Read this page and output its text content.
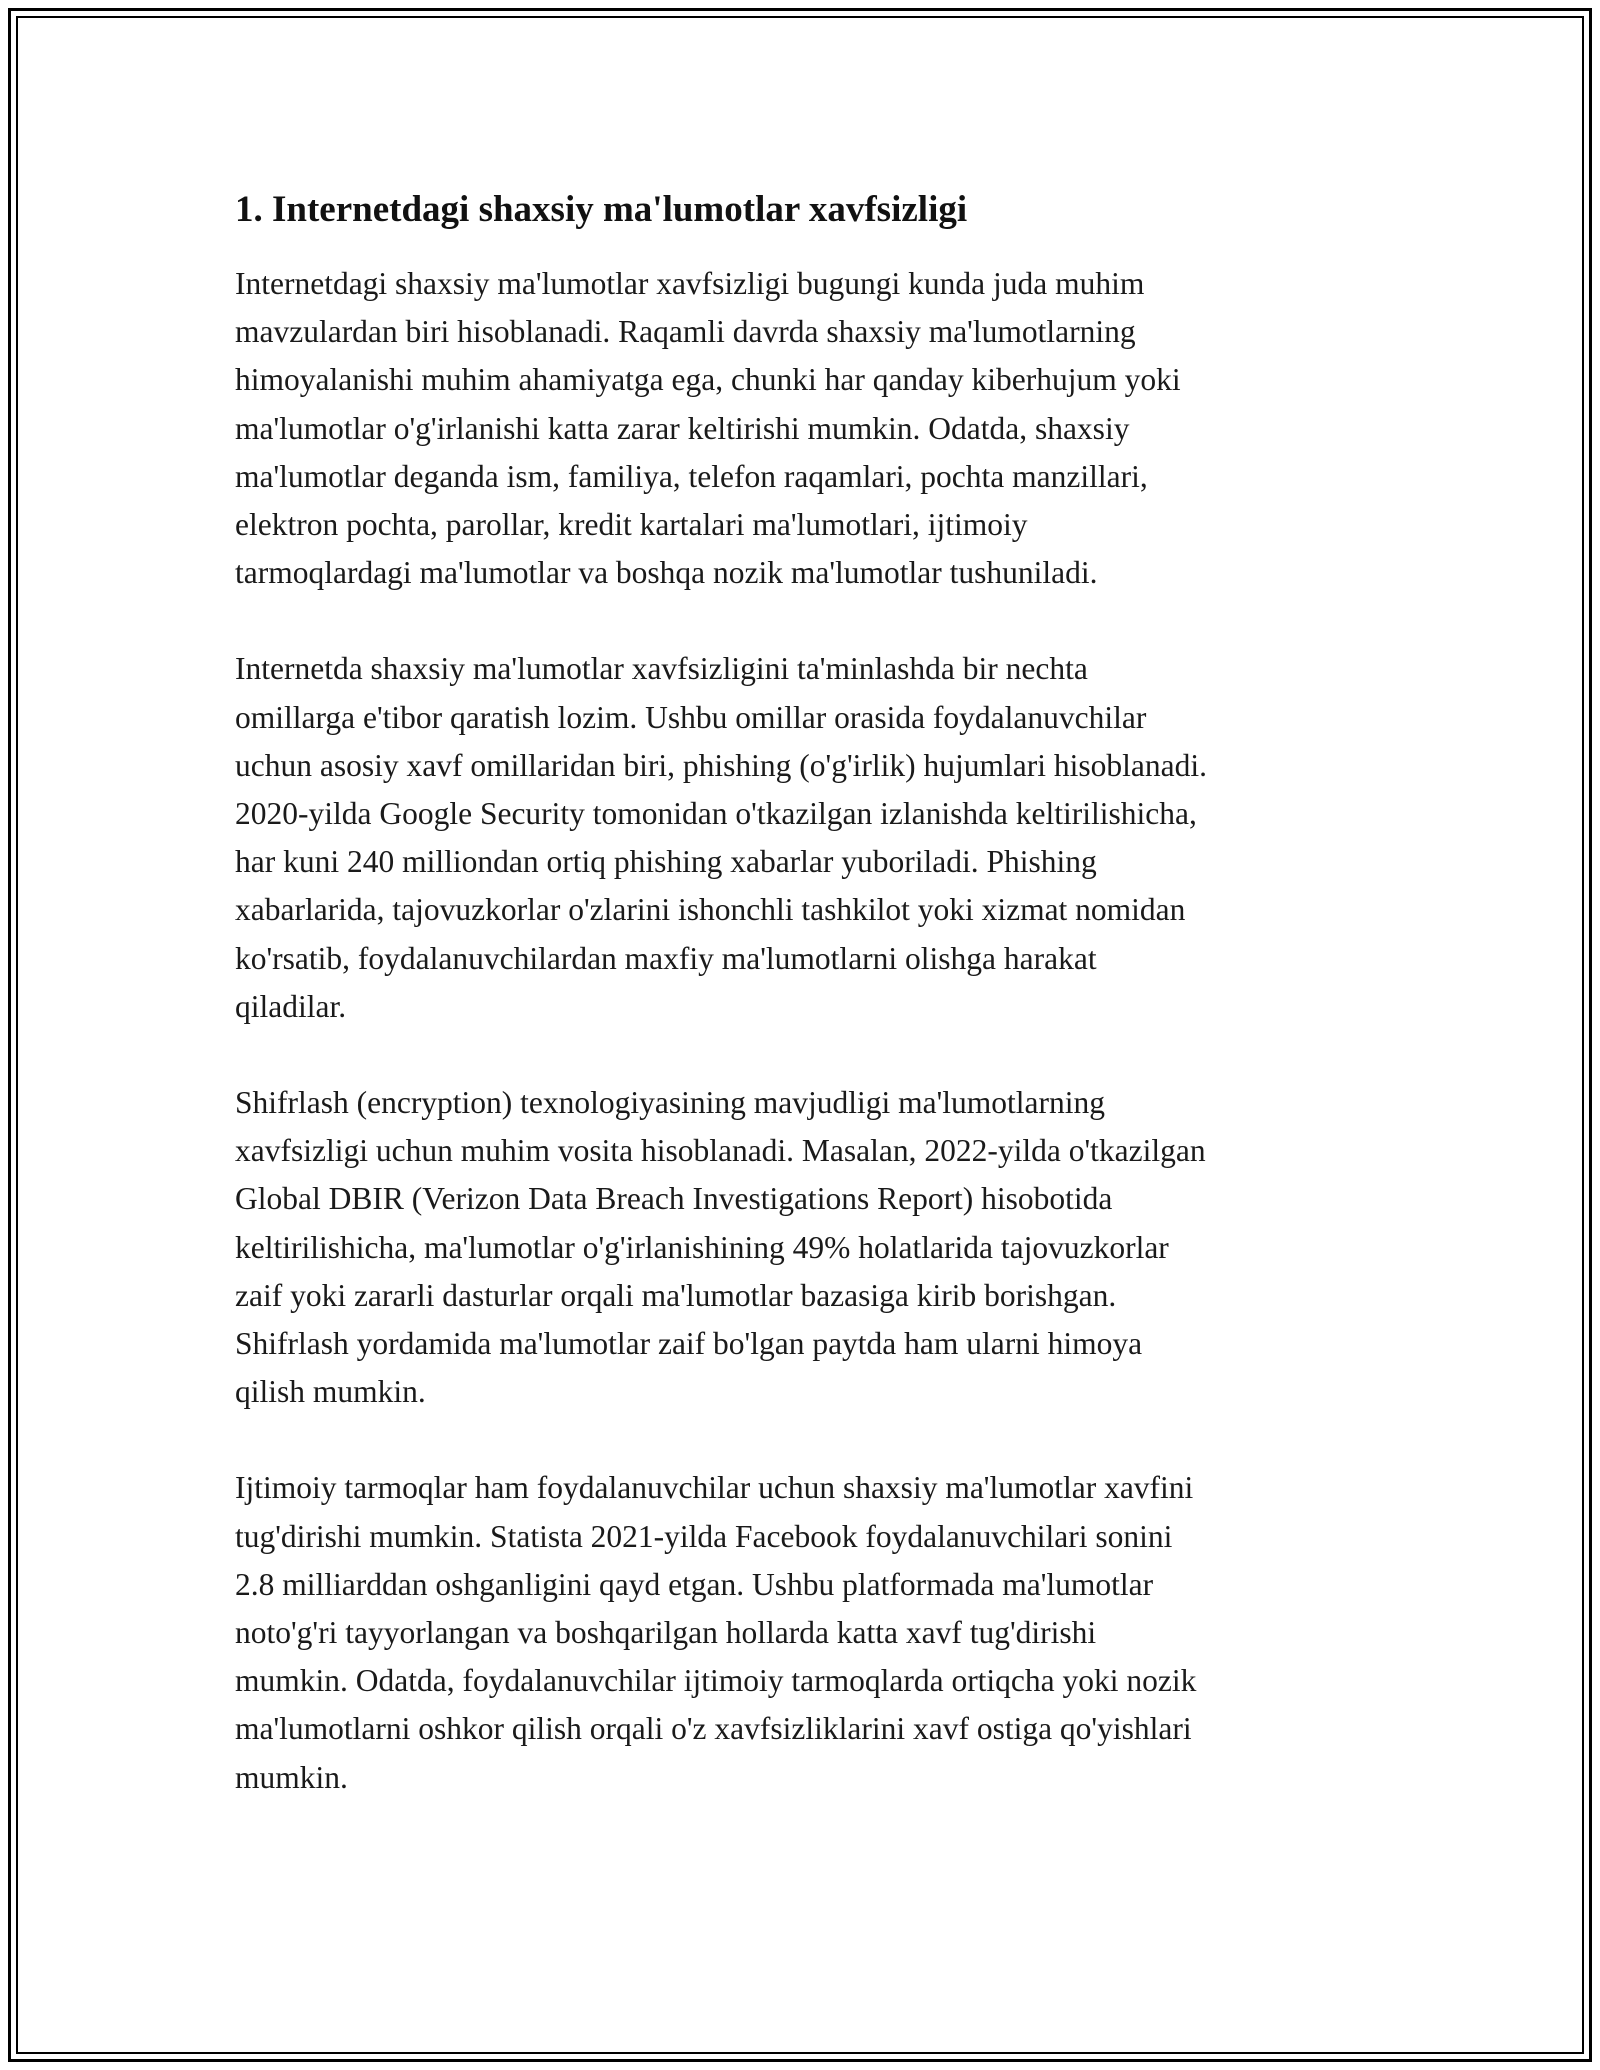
1. Internetdagi shaxsiy ma'lumotlar xavfsizligi

Internetdagi shaxsiy ma'lumotlar xavfsizligi bugungi kunda juda muhim
mavzulardan biri hisoblanadi. Raqamli davrda shaxsiy ma'lumotlarning
himoyalanishi muhim ahamiyatga ega, chunki har qanday kiberhujum yoki
ma'lumotlar o'g'irlanishi katta zarar keltirishi mumkin. Odatda, shaxsiy
ma'lumotlar deganda ism, familiya, telefon raqamlari, pochta manzillari,
elektron pochta, parollar, kredit kartalari ma'lumotlari, ijtimoiy
tarmoqlardagi ma'lumotlar va boshqa nozik ma'lumotlar tushuniladi.

Internetda shaxsiy ma'lumotlar xavfsizligini ta'minlashda bir nechta
omillarga e'tibor qaratish lozim. Ushbu omillar orasida foydalanuvchilar
uchun asosiy xavf omillaridan biri, phishing (o'g'irlik) hujumlari hisoblanadi.
2020-yilda Google Security tomonidan o'tkazilgan izlanishda keltirilishicha,
har kuni 240 milliondan ortiq phishing xabarlar yuboriladi. Phishing
xabarlarida, tajovuzkorlar o'zlarini ishonchli tashkilot yoki xizmat nomidan
ko'rsatib, foydalanuvchilardan maxfiy ma'lumotlarni olishga harakat
qiladilar.

Shifrlash (encryption) texnologiyasining mavjudligi ma'lumotlarning
xavfsizligi uchun muhim vosita hisoblanadi. Masalan, 2022-yilda o'tkazilgan
Global DBIR (Verizon Data Breach Investigations Report) hisobotida
keltirilishicha, ma'lumotlar o'g'irlanishining 49% holatlarida tajovuzkorlar
zaif yoki zararli dasturlar orqali ma'lumotlar bazasiga kirib borishgan.
Shifrlash yordamida ma'lumotlar zaif bo'lgan paytda ham ularni himoya
qilish mumkin.

Ijtimoiy tarmoqlar ham foydalanuvchilar uchun shaxsiy ma'lumotlar xavfini
tug'dirishi mumkin. Statista 2021-yilda Facebook foydalanuvchilari sonini
2.8 milliarddan oshganligini qayd etgan. Ushbu platformada ma'lumotlar
noto'g'ri tayyorlangan va boshqarilgan hollarda katta xavf tug'dirishi
mumkin. Odatda, foydalanuvchilar ijtimoiy tarmoqlarda ortiqcha yoki nozik
ma'lumotlarni oshkor qilish orqali o'z xavfsizliklarini xavf ostiga qo'yishlari
mumkin.
